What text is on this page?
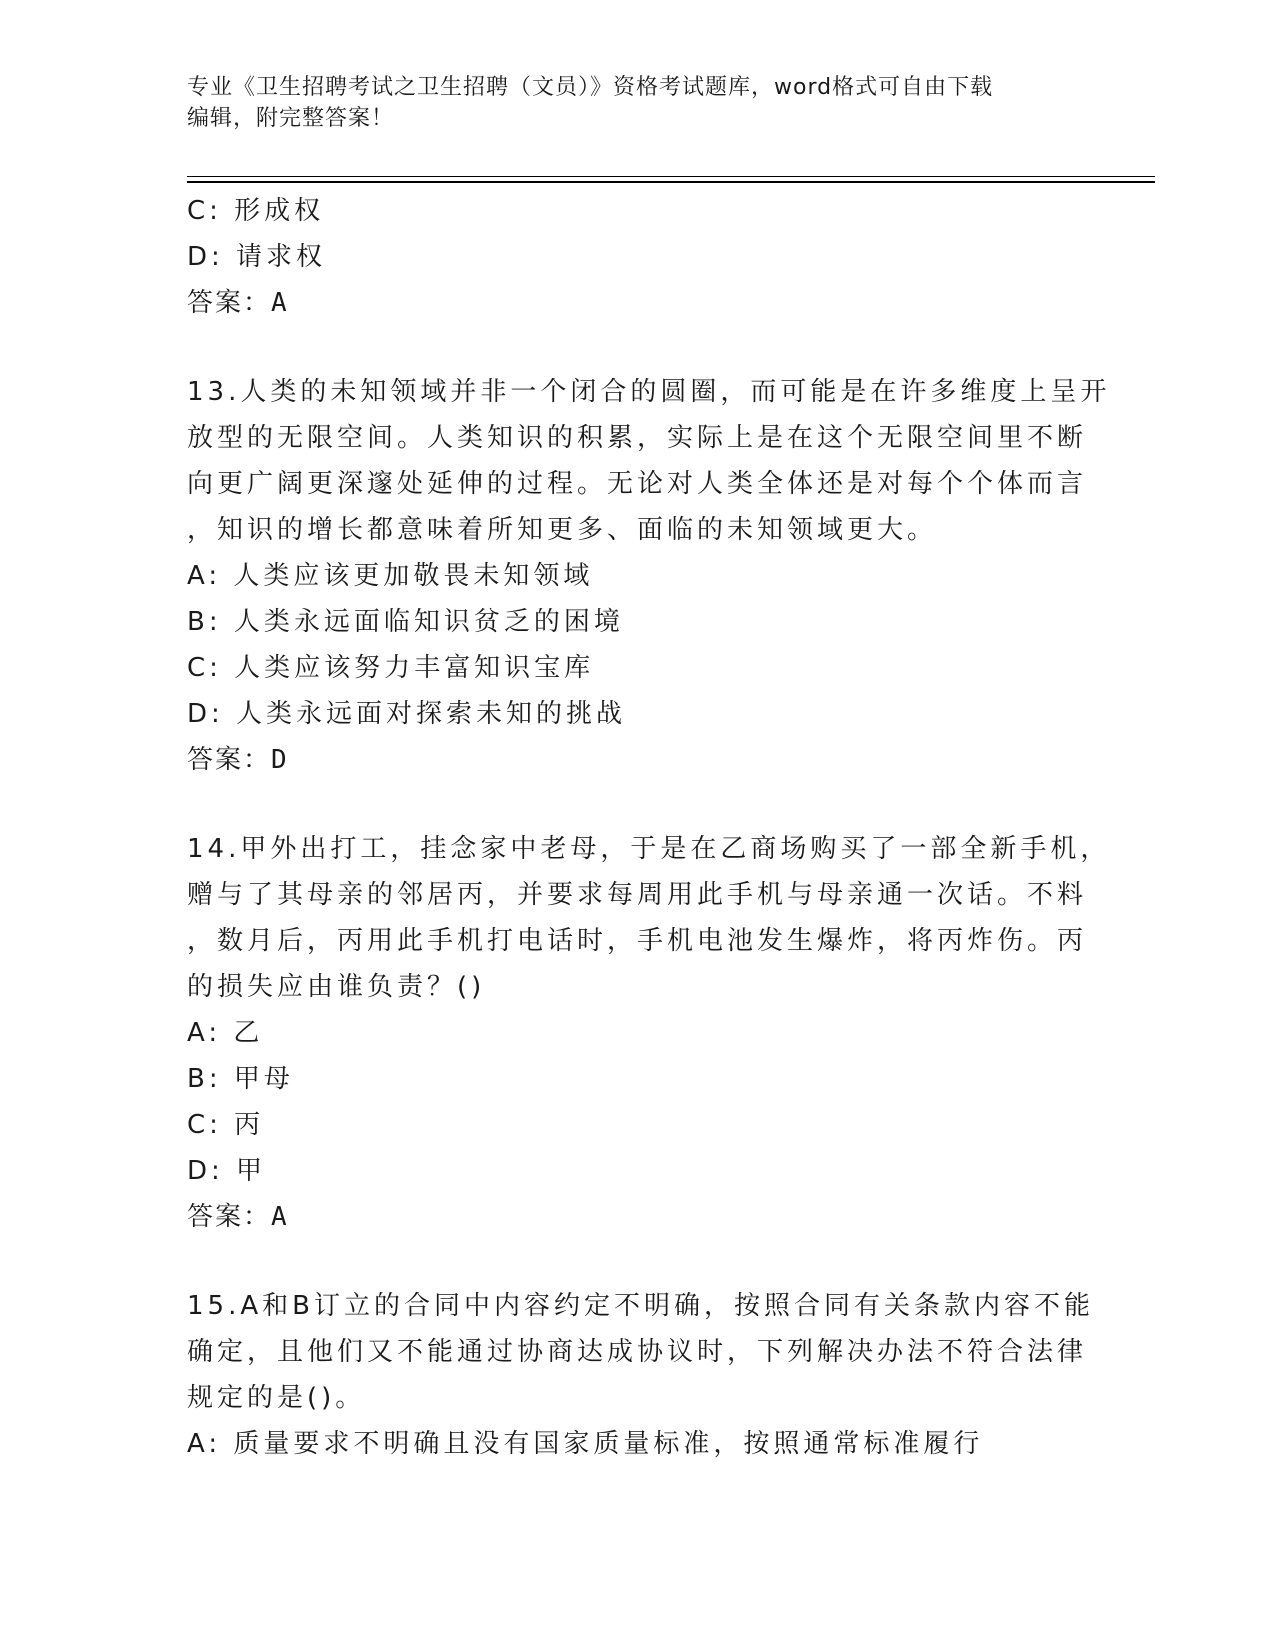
专业《卫生招聘考试之卫生招聘（文员）》资格考试题库，word格式可自由下载
编辑，附完整答案！
C: 形成权
D: 请求权
答案：A
13.人类的未知领域并非一个闭合的圆圈，而可能是在许多维度上呈开
放型的无限空间。人类知识的积累，实际上是在这个无限空间里不断
向更广阔更深邃处延伸的过程。无论对人类全体还是对每个个体而言
，知识的增长都意味着所知更多、面临的未知领域更大。
A: 人类应该更加敬畏未知领域
B: 人类永远面临知识贫乏的困境
C: 人类应该努力丰富知识宝库
D: 人类永远面对探索未知的挑战
答案：D
14.甲外出打工，挂念家中老母，于是在乙商场购买了一部全新手机，
赠与了其母亲的邻居丙，并要求每周用此手机与母亲通一次话。不料
，数月后，丙用此手机打电话时，手机电池发生爆炸，将丙炸伤。丙
的损失应由谁负责？()
A: 乙
B: 甲母
C: 丙
D: 甲
答案：A
15.A和B订立的合同中内容约定不明确，按照合同有关条款内容不能
确定，且他们又不能通过协商达成协议时，下列解决办法不符合法律
规定的是()。
A: 质量要求不明确且没有国家质量标准，按照通常标准履行
